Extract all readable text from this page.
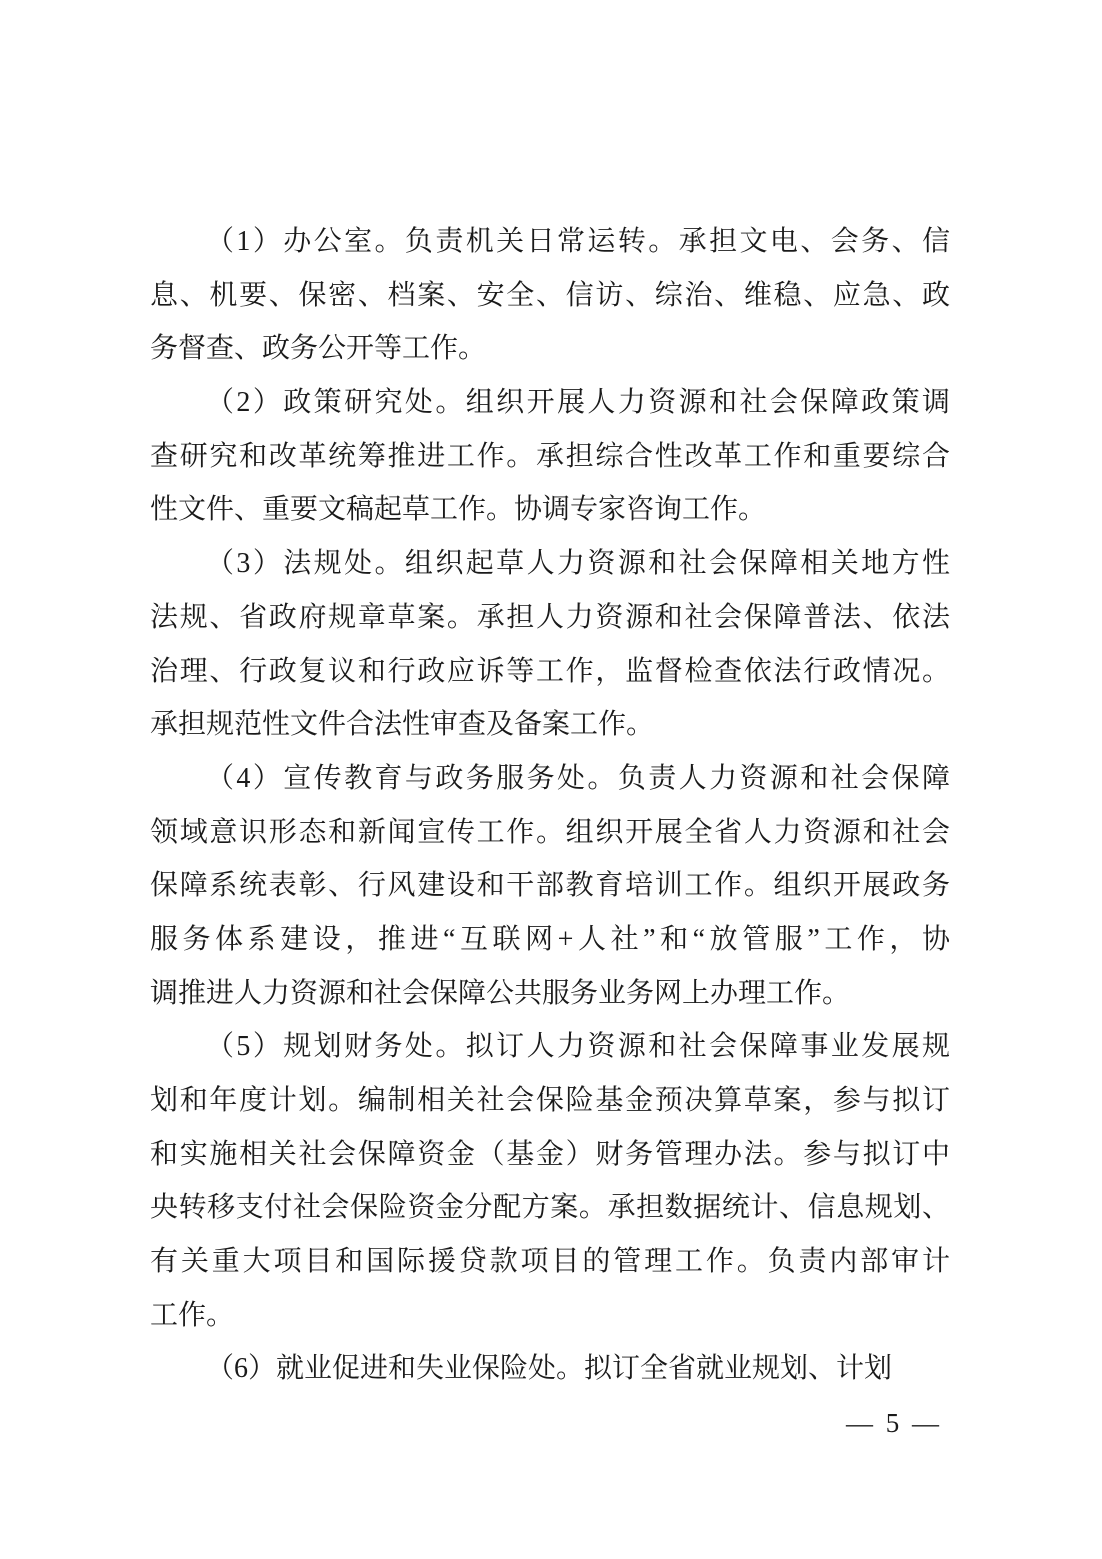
（1）办公室。负责机关日常运转。承担文电、会务、信
息、机要、保密、档案、安全、信访、综治、维稳、应急、政
务督查、政务公开等工作。

（2）政策研究处。组织开展人力资源和社会保障政策调
查研究和改革统筹推进工作。承担综合性改革工作和重要综合
性文件、重要文稿起草工作。协调专家咨询工作。

（3）法规处。组织起草人力资源和社会保障相关地方性
法规、省政府规章草案。承担人力资源和社会保障普法、依法
治理、行政复议和行政应诉等工作，监督检查依法行政情况。
承担规范性文件合法性审查及备案工作。

（4）宣传教育与政务服务处。负责人力资源和社会保障
领域意识形态和新闻宣传工作。组织开展全省人力资源和社会
保障系统表彰、行风建设和干部教育培训工作。组织开展政务
服务体系建设，推进“互联网+人社”和“放管服”工作，协
调推进人力资源和社会保障公共服务业务网上办理工作。

（5）规划财务处。拟订人力资源和社会保障事业发展规
划和年度计划。编制相关社会保险基金预决算草案，参与拟订
和实施相关社会保障资金（基金）财务管理办法。参与拟订中
央转移支付社会保险资金分配方案。承担数据统计、信息规划、
有关重大项目和国际援贷款项目的管理工作。负责内部审计
工作。

（6）就业促进和失业保险处。拟订全省就业规划、计划

— 5 —
